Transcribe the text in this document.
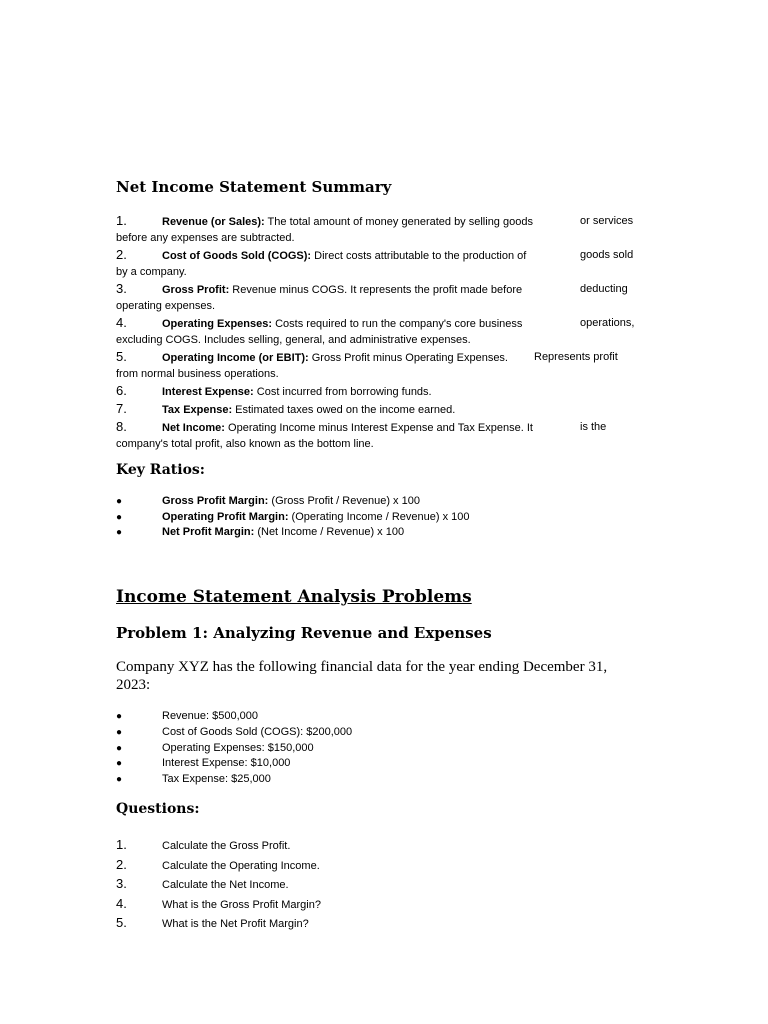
Net Income Statement Summary
1.	Revenue (or Sales): The total amount of money generated by selling goods	or services

before any expenses are subtracted.
2.	Cost of Goods Sold (COGS): Direct costs attributable to the production of	goods sold

by a company.
3.	Gross Profit: Revenue minus COGS. It represents the profit made before	deducting

operating expenses.
4.	Operating Expenses: Costs required to run the company's core business	operations,

excluding COGS. Includes selling, general, and administrative expenses.
5.	Operating Income (or EBIT): Gross Profit minus Operating Expenses. Represents profit

from normal business operations.
6.	Interest Expense: Cost incurred from borrowing funds.
7.	Tax Expense: Estimated taxes owed on the income earned.
8.	Net Income: Operating Income minus Interest Expense and Tax Expense. It	is the

company's total profit, also known as the bottom line.
Key Ratios:
●	Gross Profit Margin: (Gross Profit / Revenue) x 100
●	Operating Profit Margin: (Operating Income / Revenue) x 100
●	Net Profit Margin: (Net Income / Revenue) x 100
Income Statement Analysis Problems
Problem 1: Analyzing Revenue and Expenses

Company XYZ has the following financial data for the year ending December 31, 2023:

●	Revenue: $500,000
●	Cost of Goods Sold (COGS): $200,000
●	Operating Expenses: $150,000
●	Interest Expense: $10,000
●	Tax Expense: $25,000
Questions:
1.	Calculate the Gross Profit.
2.	Calculate the Operating Income.
3.	Calculate the Net Income.
4.	What is the Gross Profit Margin?
5.	What is the Net Profit Margin?
